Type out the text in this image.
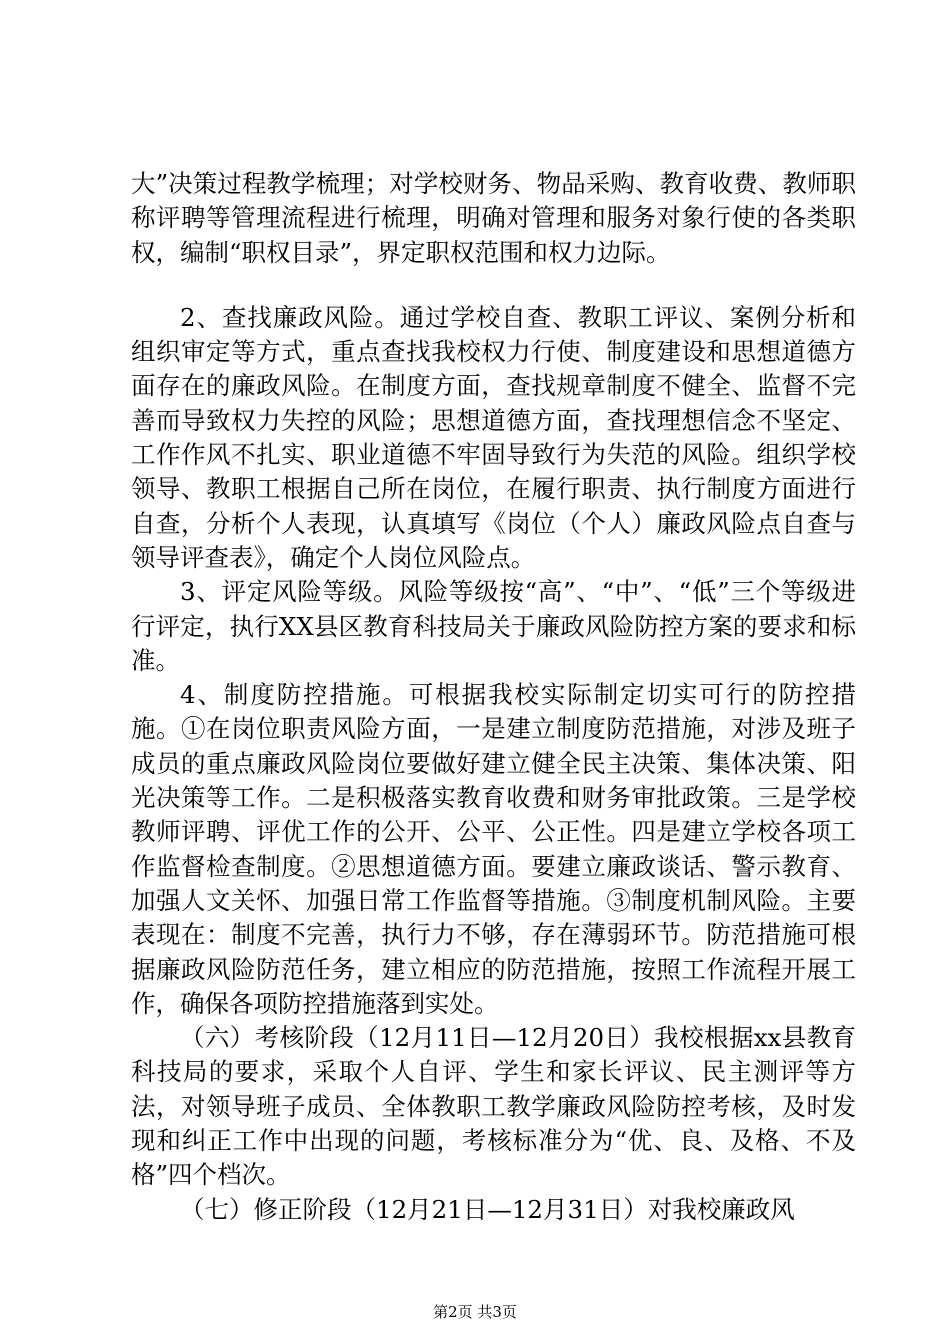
大”决策过程教学梳理；对学校财务、物品采购、教育收费、教师职称评聘等管理流程进行梳理，明确对管理和服务对象行使的各类职权，编制“职权目录”，界定职权范围和权力边际。

2、查找廉政风险。通过学校自查、教职工评议、案例分析和组织审定等方式，重点查找我校权力行使、制度建设和思想道德方面存在的廉政风险。在制度方面，查找规章制度不健全、监督不完善而导致权力失控的风险；思想道德方面，查找理想信念不坚定、工作作风不扎实、职业道德不牢固导致行为失范的风险。组织学校领导、教职工根据自己所在岗位，在履行职责、执行制度方面进行自查，分析个人表现，认真填写《岗位（个人）廉政风险点自查与领导评查表》，确定个人岗位风险点。

3、评定风险等级。风险等级按“高”、“中”、“低”三个等级进行评定，执行XX县区教育科技局关于廉政风险防控方案的要求和标准。

4、制度防控措施。可根据我校实际制定切实可行的防控措施。①在岗位职责风险方面，一是建立制度防范措施，对涉及班子成员的重点廉政风险岗位要做好建立健全民主决策、集体决策、阳光决策等工作。二是积极落实教育收费和财务审批政策。三是学校教师评聘、评优工作的公开、公平、公正性。四是建立学校各项工作监督检查制度。②思想道德方面。要建立廉政谈话、警示教育、加强人文关怀、加强日常工作监督等措施。③制度机制风险。主要表现在：制度不完善，执行力不够，存在薄弱环节。防范措施可根据廉政风险防范任务，建立相应的防范措施，按照工作流程开展工作，确保各项防控措施落到实处。

（六）考核阶段（12月11日—12月20日）我校根据xx县教育科技局的要求，采取个人自评、学生和家长评议、民主测评等方法，对领导班子成员、全体教职工教学廉政风险防控考核，及时发现和纠正工作中出现的问题，考核标准分为“优、良、及格、不及格”四个档次。

（七）修正阶段（12月21日—12月31日）对我校廉政风

第2页 共3页
